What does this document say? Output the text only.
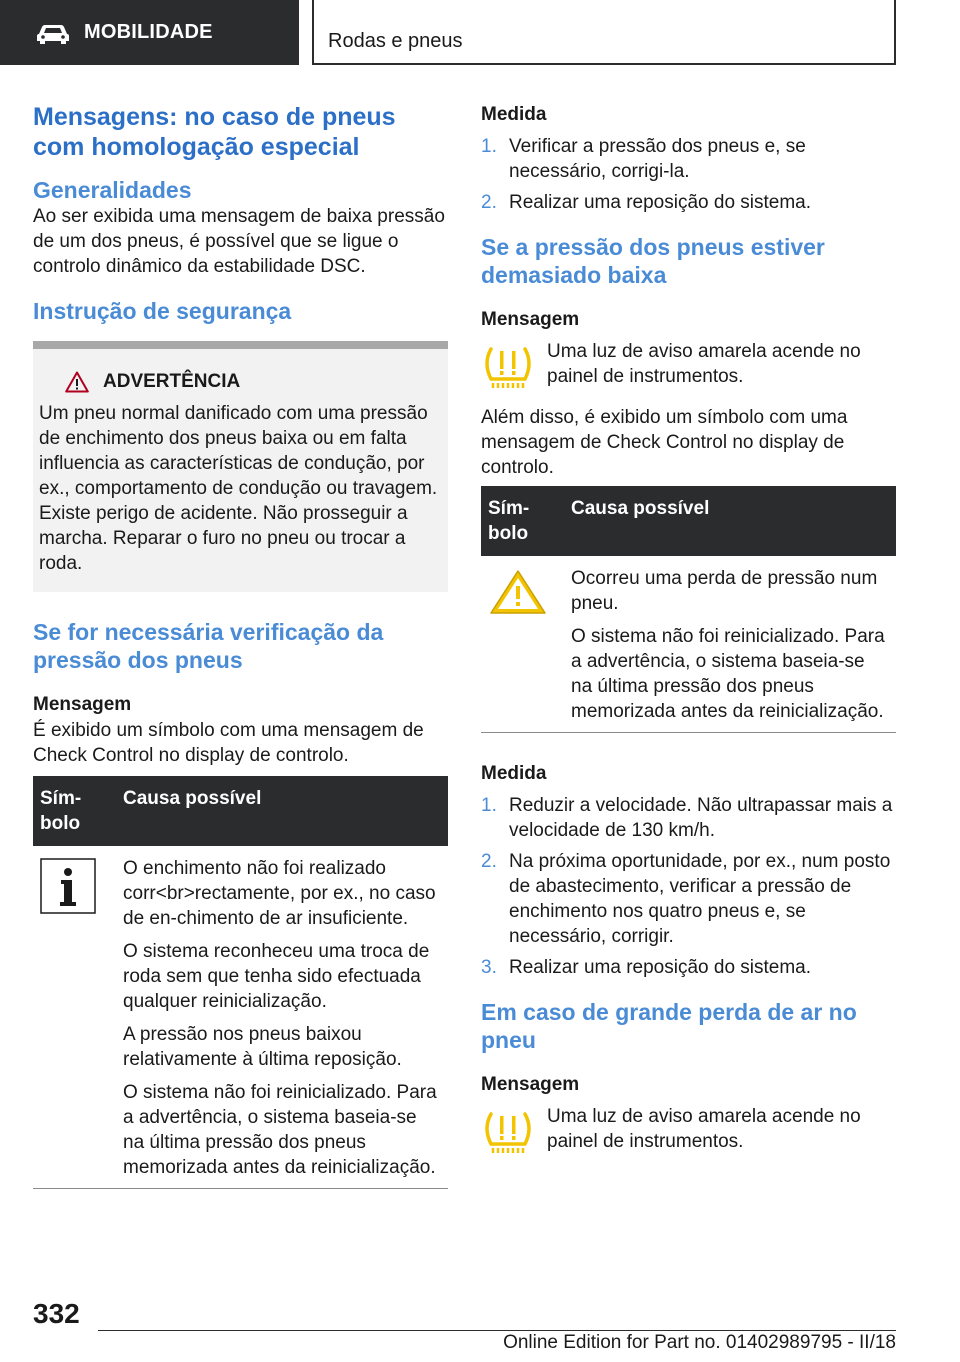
MOBILIDADE	Rodas e pneus
Mensagens: no caso de pneus com homologação especial
Generalidades

Ao ser exibida uma mensagem de baixa pressão de um dos pneus, é possível que se ligue o controlo dinâmico da estabilidade DSC.

Instrução de segurança
ADVERTÊNCIA

Um pneu normal danificado com uma pressão de enchimento dos pneus baixa ou em falta influencia as características de condução, por ex., comportamento de condução ou travagem. Existe perigo de acidente. Não prosseguir a marcha. Reparar o furo no pneu ou trocar a roda.

Se for necessária verificação da pressão dos pneus
Mensagem

É exibido um símbolo com uma mensagem de Check Control no display de controlo.

Sím-
bolo	Causa possível

O enchimento não foi realizado corr<br>rectamente, por ex., no caso de en-chimento de ar insuficiente.

O sistema reconheceu uma troca de roda sem que tenha sido efectuada qualquer reinicialização.

A pressão nos pneus baixou relativamente à última reposição.

O sistema não foi reinicializado. Para a advertência, o sistema baseia-se na última pressão dos pneus memorizada antes da reinicialização.

Medida
1. Verificar a pressão dos pneus e, se necessário, corrigi-la.
2. Realizar uma reposição do sistema.
Se a pressão dos pneus estiver demasiado baixa
Mensagem

Uma luz de aviso amarela acende no painel de instrumentos.

Além disso, é exibido um símbolo com uma mensagem de Check Control no display de controlo.

Sím-
bolo	Causa possível

Ocorreu uma perda de pressão num pneu.

O sistema não foi reinicializado. Para a advertência, o sistema baseia-se na última pressão dos pneus memorizada antes da reinicialização.

Medida
1. Reduzir a velocidade. Não ultrapassar mais a velocidade de 130 km/h.
2. Na próxima oportunidade, por ex., num posto de abastecimento, verificar a pressão de enchimento nos quatro pneus e, se necessário, corrigir.
3. Realizar uma reposição do sistema.
Em caso de grande perda de ar no pneu
Mensagem

Uma luz de aviso amarela acende no painel de instrumentos.

332
Online Edition for Part no. 01402989795 - II/18
